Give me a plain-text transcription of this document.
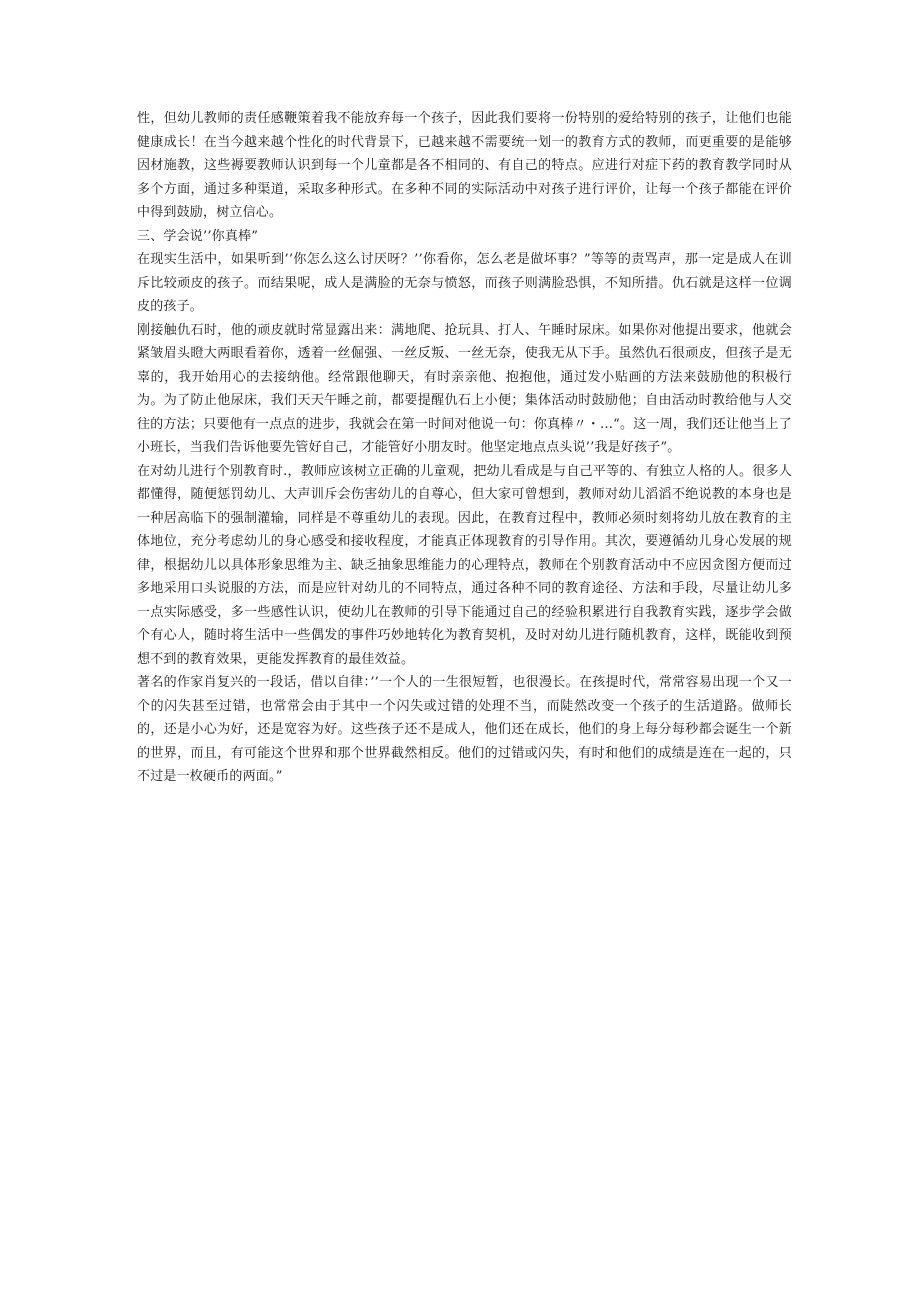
性，但幼儿教师的责任感鞭策着我不能放弃每一个孩子，因此我们要将一份特别的爱给特别的孩子，让他们也能健康成长！在当今越来越个性化的时代背景下，已越来越不需要统一划一的教育方式的教师，而更重要的是能够因材施教，这些褥要教师认识到每一个儿童都是各不相同的、有自己的特点。应进行对症下药的教育教学同时从多个方面，通过多种渠道，采取多种形式。在多种不同的实际活动中对孩子进行评价，让每一个孩子都能在评价中得到鼓励，树立信心。

三、学会说’’你真棒”

在现实生活中，如果听到’’你怎么这么讨厌呀？’’你看你，怎么老是做坏事？”等等的责骂声，那一定是成人在训斥比较顽皮的孩子。而结果呢，成人是满脸的无奈与愤怒，而孩子则满脸恐惧，不知所措。仇石就是这样一位调皮的孩子。

刚接触仇石时，他的顽皮就时常显露出来：满地爬、抢玩具、打人、午睡时尿床。如果你对他提出要求，他就会紧皱眉头瞪大两眼看着你，透着一丝倔强、一丝反叛、一丝无奈，使我无从下手。虽然仇石很顽皮，但孩子是无辜的，我开始用心的去接纳他。经常跟他聊天，有时亲亲他、抱抱他，通过发小贴画的方法来鼓励他的积极行为。为了防止他尿床，我们天天午睡之前，都要提醒仇石上小便；集体活动时鼓励他；自由活动时教给他与人交往的方法；只要他有一点点的进步，我就会在第一时间对他说一句：你真棒〃・…“。这一周，我们还让他当上了小班长，当我们告诉他要先管好自己，才能管好小朋友时。他坚定地点点头说’’我是好孩子”。

在对幼儿进行个别教育时.，教师应该树立正确的儿童观，把幼儿看成是与自己平等的、有独立人格的人。很多人都懂得，随便惩罚幼儿、大声训斥会伤害幼儿的自尊心，但大家可曾想到，教师对幼儿滔滔不绝说教的本身也是一种居高临下的强制灌输，同样是不尊重幼儿的表现。因此，在教育过程中，教师必须时刻将幼儿放在教育的主体地位，充分考虑幼儿的身心感受和接收程度，才能真正体现教育的引导作用。其次，要遵循幼儿身心发展的规律，根据幼儿以具体形象思维为主、缺乏抽象思维能力的心理特点，教师在个别教育活动中不应因贪图方便而过多地采用口头说服的方法，而是应针对幼儿的不同特点，通过各种不同的教育途径、方法和手段，尽量让幼儿多一点实际感受，多一些感性认识，使幼儿在教师的引导下能通过自己的经验积累进行自我教育实践，逐步学会做个有心人，随时将生活中一些偶发的事件巧妙地转化为教育契机，及时对幼儿进行随机教育，这样，既能收到预想不到的教育效果，更能发挥教育的最佳效益。

著名的作家肖复兴的一段话，借以自律：’’一个人的一生很短暂，也很漫长。在孩提时代，常常容易出现一个又一个的闪失甚至过错，也常常会由于其中一个闪失或过错的处理不当，而陡然改变一个孩子的生活道路。做师长的，还是小心为好，还是宽容为好。这些孩子还不是成人，他们还在成长，他们的身上每分每秒都会诞生一个新的世界，而且，有可能这个世界和那个世界截然相反。他们的过错或闪失，有时和他们的成绩是连在一起的，只不过是一枚硬币的两面。”
